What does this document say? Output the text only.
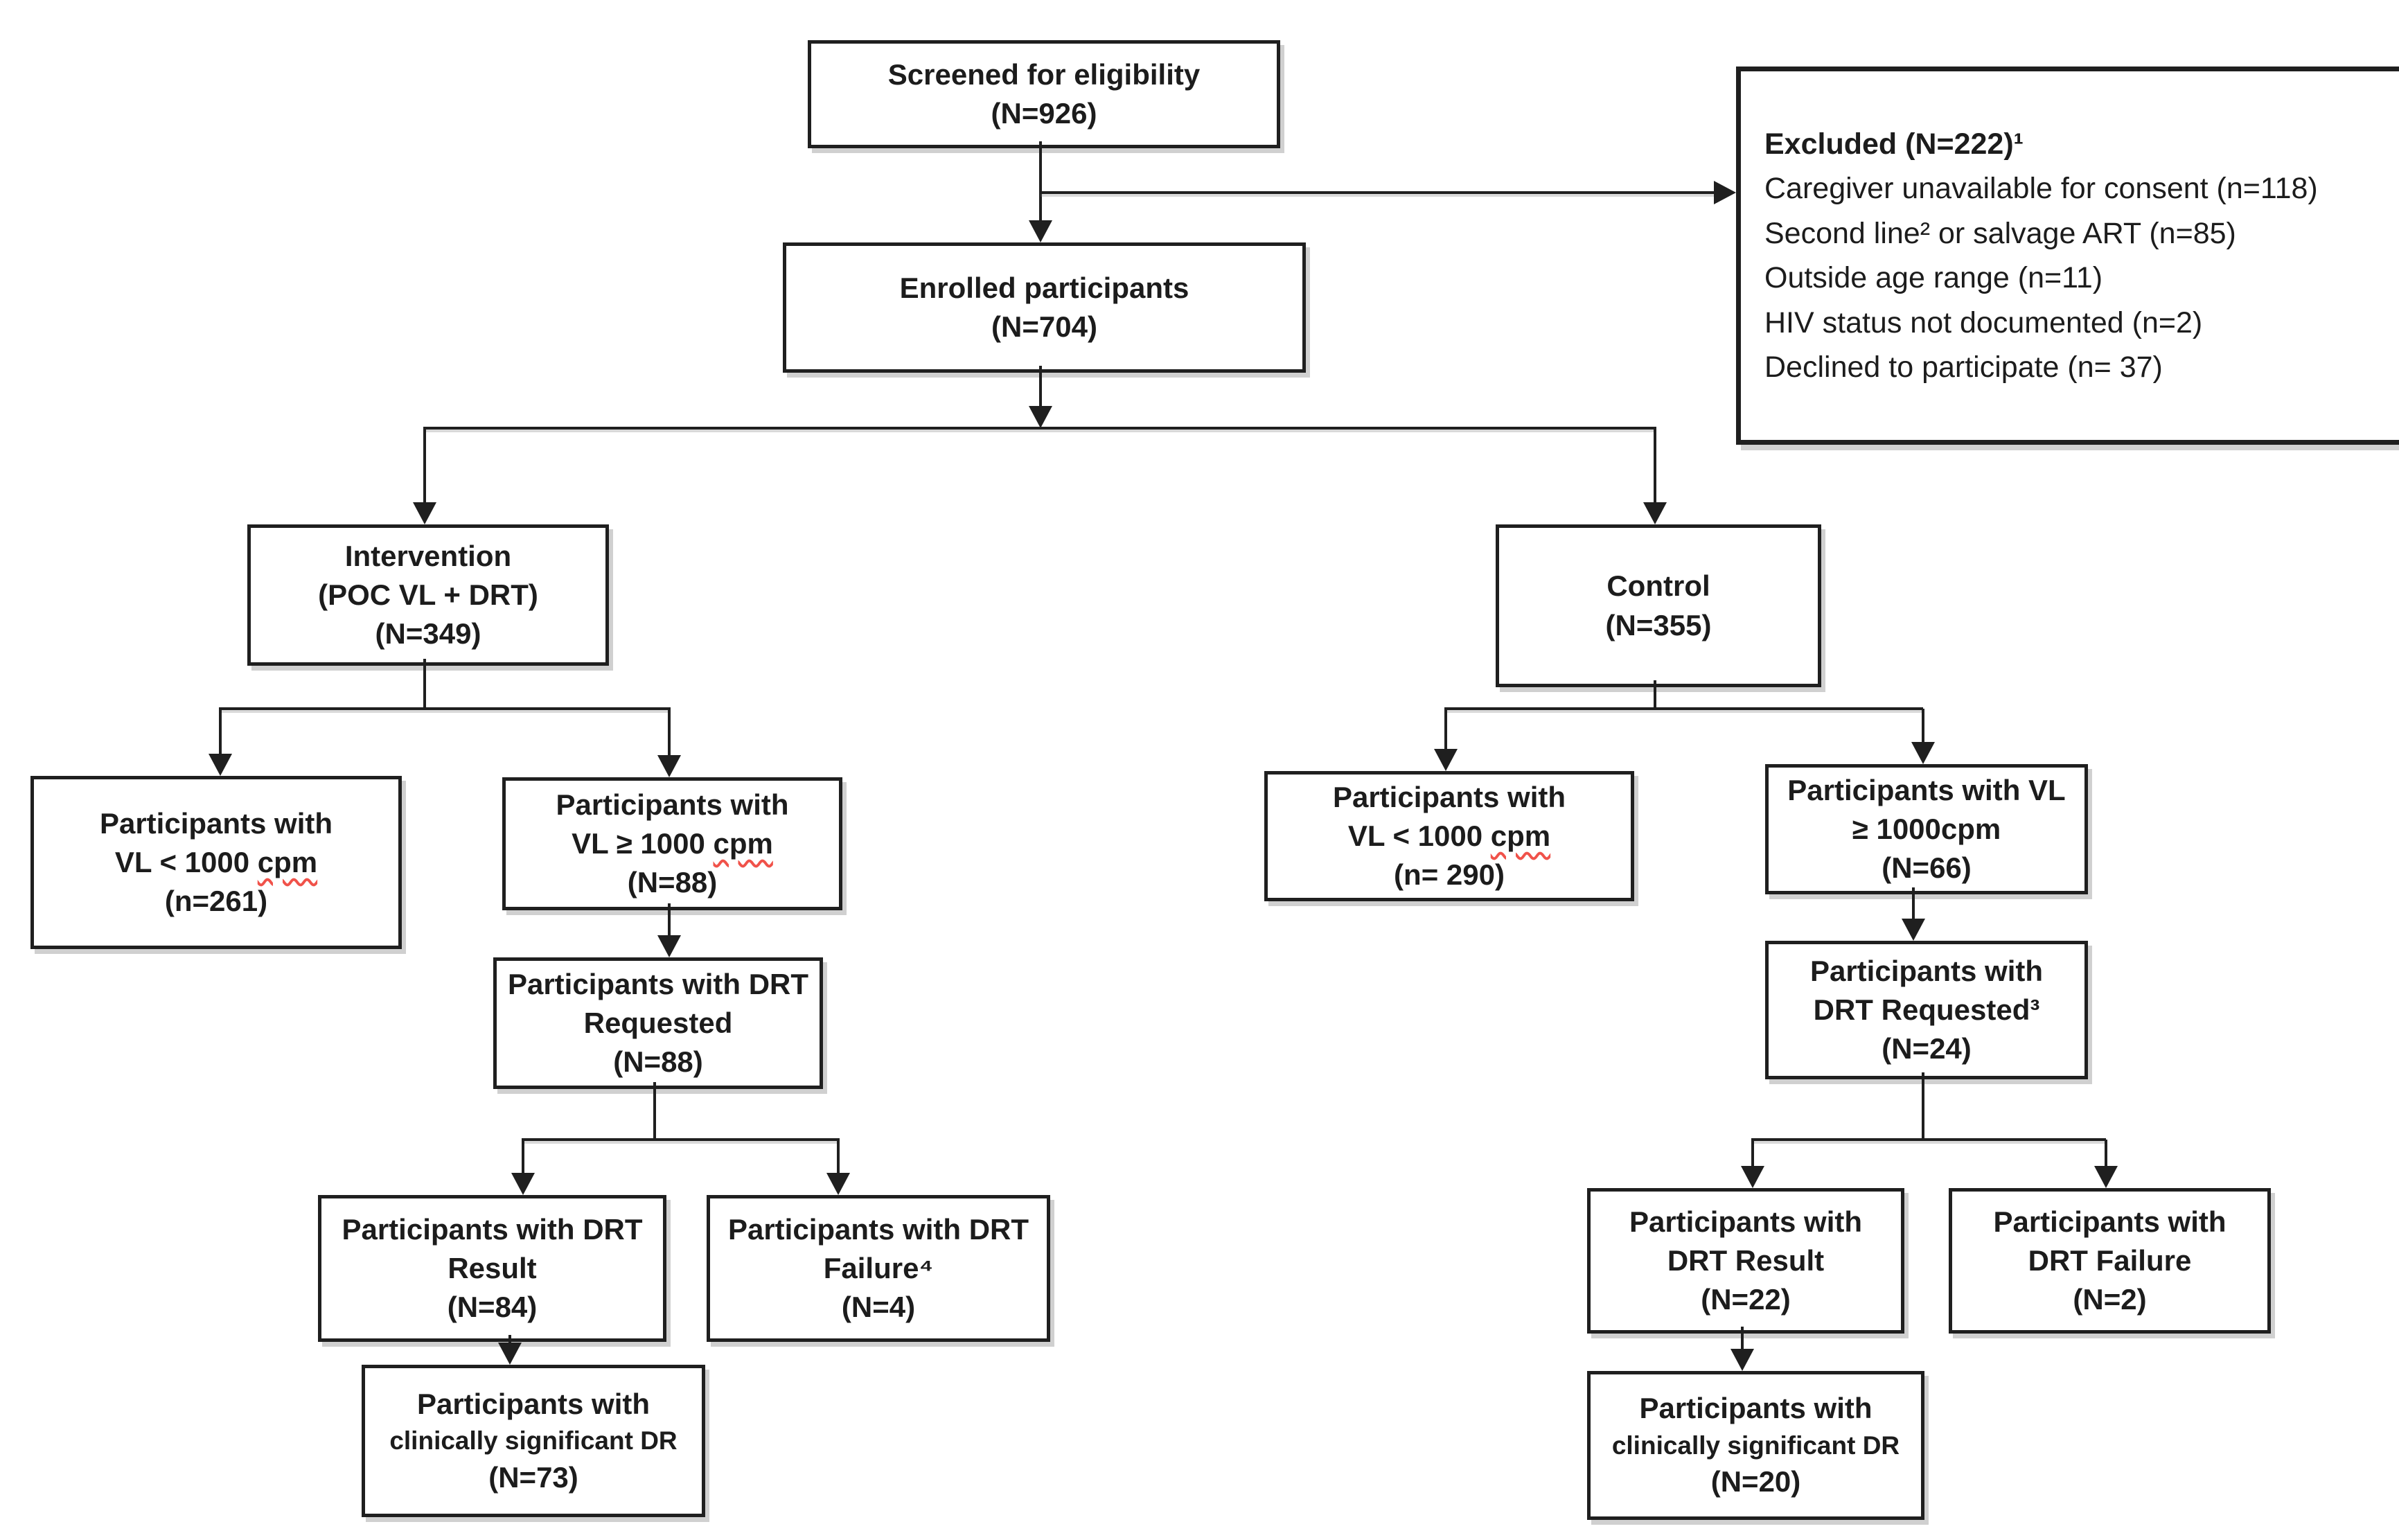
Screened for eligibility
(N=926)
Excluded (N=222)¹
Caregiver unavailable for consent (n=118)
Second line² or salvage ART (n=85)
Outside age range (n=11)
HIV status not documented (n=2)
Declined to participate (n= 37)
Enrolled participants
(N=704)
Intervention
(POC VL + DRT)
(N=349)
Control
(N=355)
Participants with
VL < 1000 cpm
(n=261)
Participants with
VL ≥ 1000 cpm
(N=88)
Participants with DRT
Requested
(N=88)
Participants with DRT
Result
(N=84)
Participants with DRT
Failure⁴
(N=4)
Participants with
clinically significant DR
(N=73)
Participants with
VL < 1000 cpm
(n= 290)
Participants with VL
≥ 1000cpm
(N=66)
Participants with
DRT Requested³
(N=24)
Participants with
DRT Result
(N=22)
Participants with
DRT Failure
(N=2)
Participants with
clinically significant DR
(N=20)
